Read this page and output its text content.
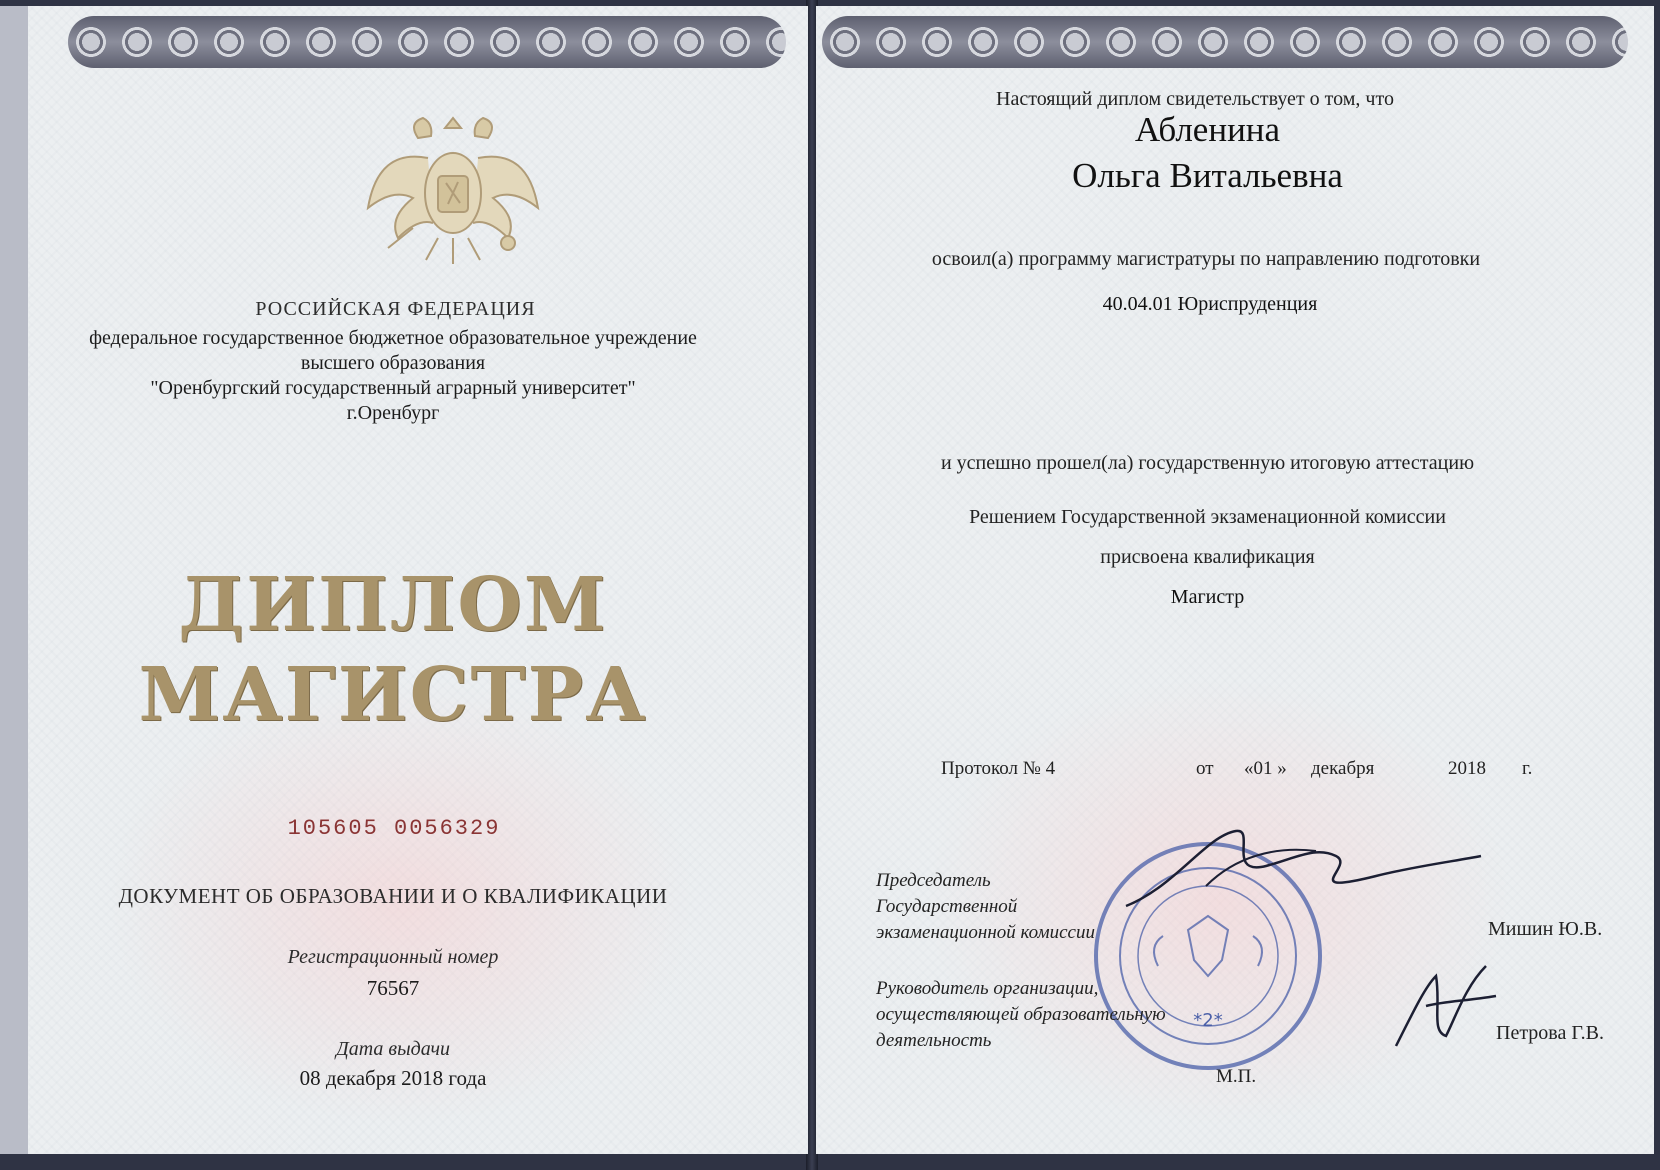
РОССИЙСКАЯ ФЕДЕРАЦИЯ
федеральное государственное бюджетное образовательное учреждение
высшего образования
"Оренбургский государственный аграрный университет"
г.Оренбург
ДИПЛОМ
МАГИСТРА
105605 0056329
ДОКУМЕНТ ОБ ОБРАЗОВАНИИ И О КВАЛИФИКАЦИИ
Регистрационный номер
76567
Дата выдачи
08 декабря 2018 года
Настоящий диплом свидетельствует о том, что
Абленина
Ольга Витальевна
освоил(а) программу магистратуры по направлению подготовки
40.04.01 Юриспруденция
и успешно прошел(ла) государственную итоговую аттестацию
Решением Государственной экзаменационной комиссии
присвоена квалификация
Магистр
Протокол № 4	от «01 » декабря	2018 г.
*2*
Председатель
Государственной
экзаменационной комиссии	Мишин Ю.В.
Руководитель организации,
осуществляющей образовательную
деятельность	Петрова Г.В.
М.П.
